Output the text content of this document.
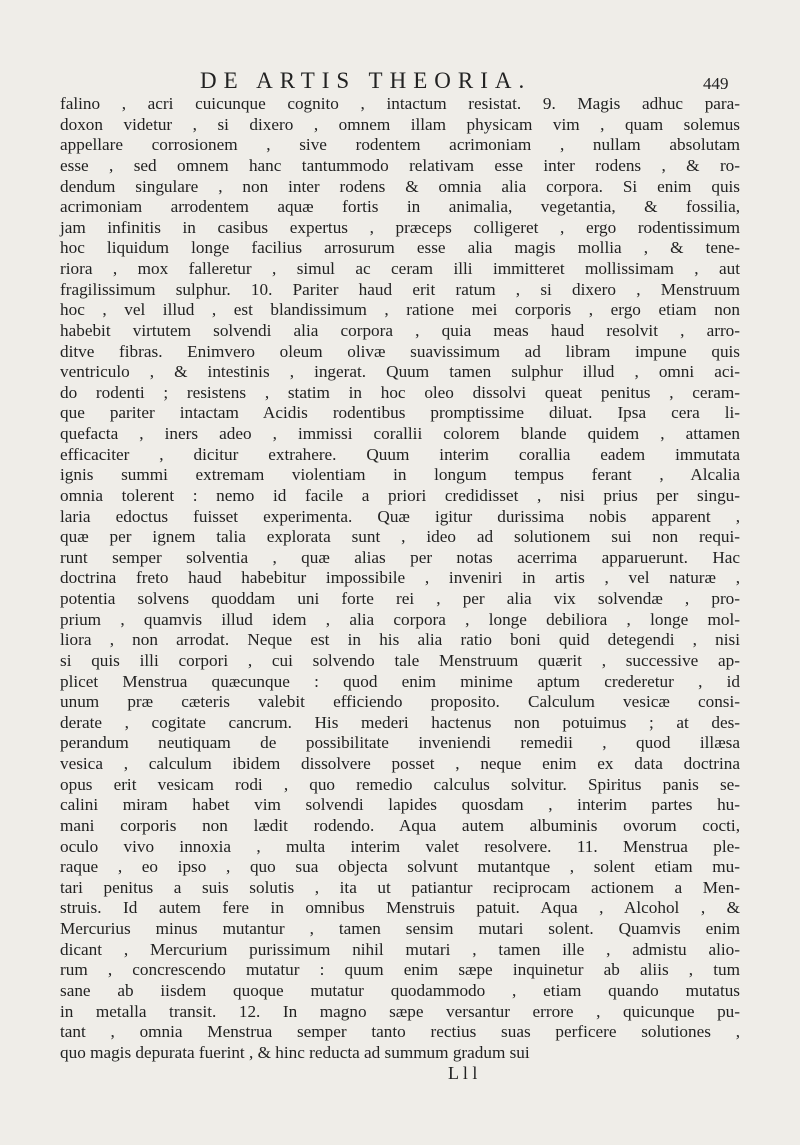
DE ARTIS THEORIA.	449
falino , acri cuicunque cognito , intactum resistat. 9. Magis adhuc para-
doxon videtur , si dixero , omnem illam physicam vim , quam solemus
appellare corrosionem , sive rodentem acrimoniam , nullam absolutam
esse , sed omnem hanc tantummodo relativam esse inter rodens , & ro-
dendum singulare , non inter rodens & omnia alia corpora. Si enim quis
acrimoniam arrodentem aquæ fortis in animalia, vegetantia, & fossilia,
jam infinitis in casibus expertus , præceps colligeret , ergo rodentissimum
hoc liquidum longe facilius arrosurum esse alia magis mollia , & tene-
riora , mox falleretur , simul ac ceram illi immitteret mollissimam , aut
fragilissimum sulphur. 10. Pariter haud erit ratum , si dixero , Menstruum
hoc , vel illud , est blandissimum , ratione mei corporis , ergo etiam non
habebit virtutem solvendi alia corpora , quia meas haud resolvit , arro-
ditve fibras. Enimvero oleum olivæ suavissimum ad libram impune quis
ventriculo , & intestinis , ingerat. Quum tamen sulphur illud , omni aci-
do rodenti ; resistens , statim in hoc oleo dissolvi queat penitus , ceram-
que pariter intactam Acidis rodentibus promptissime diluat. Ipsa cera li-
quefacta , iners adeo , immissi corallii colorem blande quidem , attamen
efficaciter , dicitur extrahere. Quum interim corallia eadem immutata
ignis summi extremam violentiam in longum tempus ferant , Alcalia
omnia tolerent : nemo id facile a priori credidisset , nisi prius per singu-
laria edoctus fuisset experimenta. Quæ igitur durissima nobis apparent ,
quæ per ignem talia explorata sunt , ideo ad solutionem sui non requi-
runt semper solventia , quæ alias per notas acerrima apparuerunt. Hac
doctrina freto haud habebitur impossibile , inveniri in artis , vel naturæ ,
potentia solvens quoddam uni forte rei , per alia vix solvendæ , pro-
prium , quamvis illud idem , alia corpora , longe debiliora , longe mol-
liora , non arrodat. Neque est in his alia ratio boni quid detegendi , nisi
si quis illi corpori , cui solvendo tale Menstruum quærit , successive ap-
plicet Menstrua quæcunque : quod enim minime aptum crederetur , id
unum præ cæteris valebit efficiendo proposito. Calculum vesicæ consi-
derate , cogitate cancrum. His mederi hactenus non potuimus ; at des-
perandum neutiquam de possibilitate inveniendi remedii , quod illæsa
vesica , calculum ibidem dissolvere posset , neque enim ex data doctrina
opus erit vesicam rodi , quo remedio calculus solvitur. Spiritus panis se-
calini miram habet vim solvendi lapides quosdam , interim partes hu-
mani corporis non lædit rodendo. Aqua autem albuminis ovorum cocti,
oculo vivo innoxia , multa interim valet resolvere. 11. Menstrua ple-
raque , eo ipso , quo sua objecta solvunt mutantque , solent etiam mu-
tari penitus a suis solutis , ita ut patiantur reciprocam actionem a Men-
struis. Id autem fere in omnibus Menstruis patuit. Aqua , Alcohol , &
Mercurius minus mutantur , tamen sensim mutari solent. Quamvis enim
dicant , Mercurium purissimum nihil mutari , tamen ille , admistu alio-
rum , concrescendo mutatur : quum enim sæpe inquinetur ab aliis , tum
sane ab iisdem quoque mutatur quodammodo , etiam quando mutatus
in metalla transit. 12. In magno sæpe versantur errore , quicunque pu-
tant , omnia Menstrua semper tanto rectius suas perficere solutiones ,
quo magis depurata fuerint , & hinc reducta ad summum gradum sui
L l l
